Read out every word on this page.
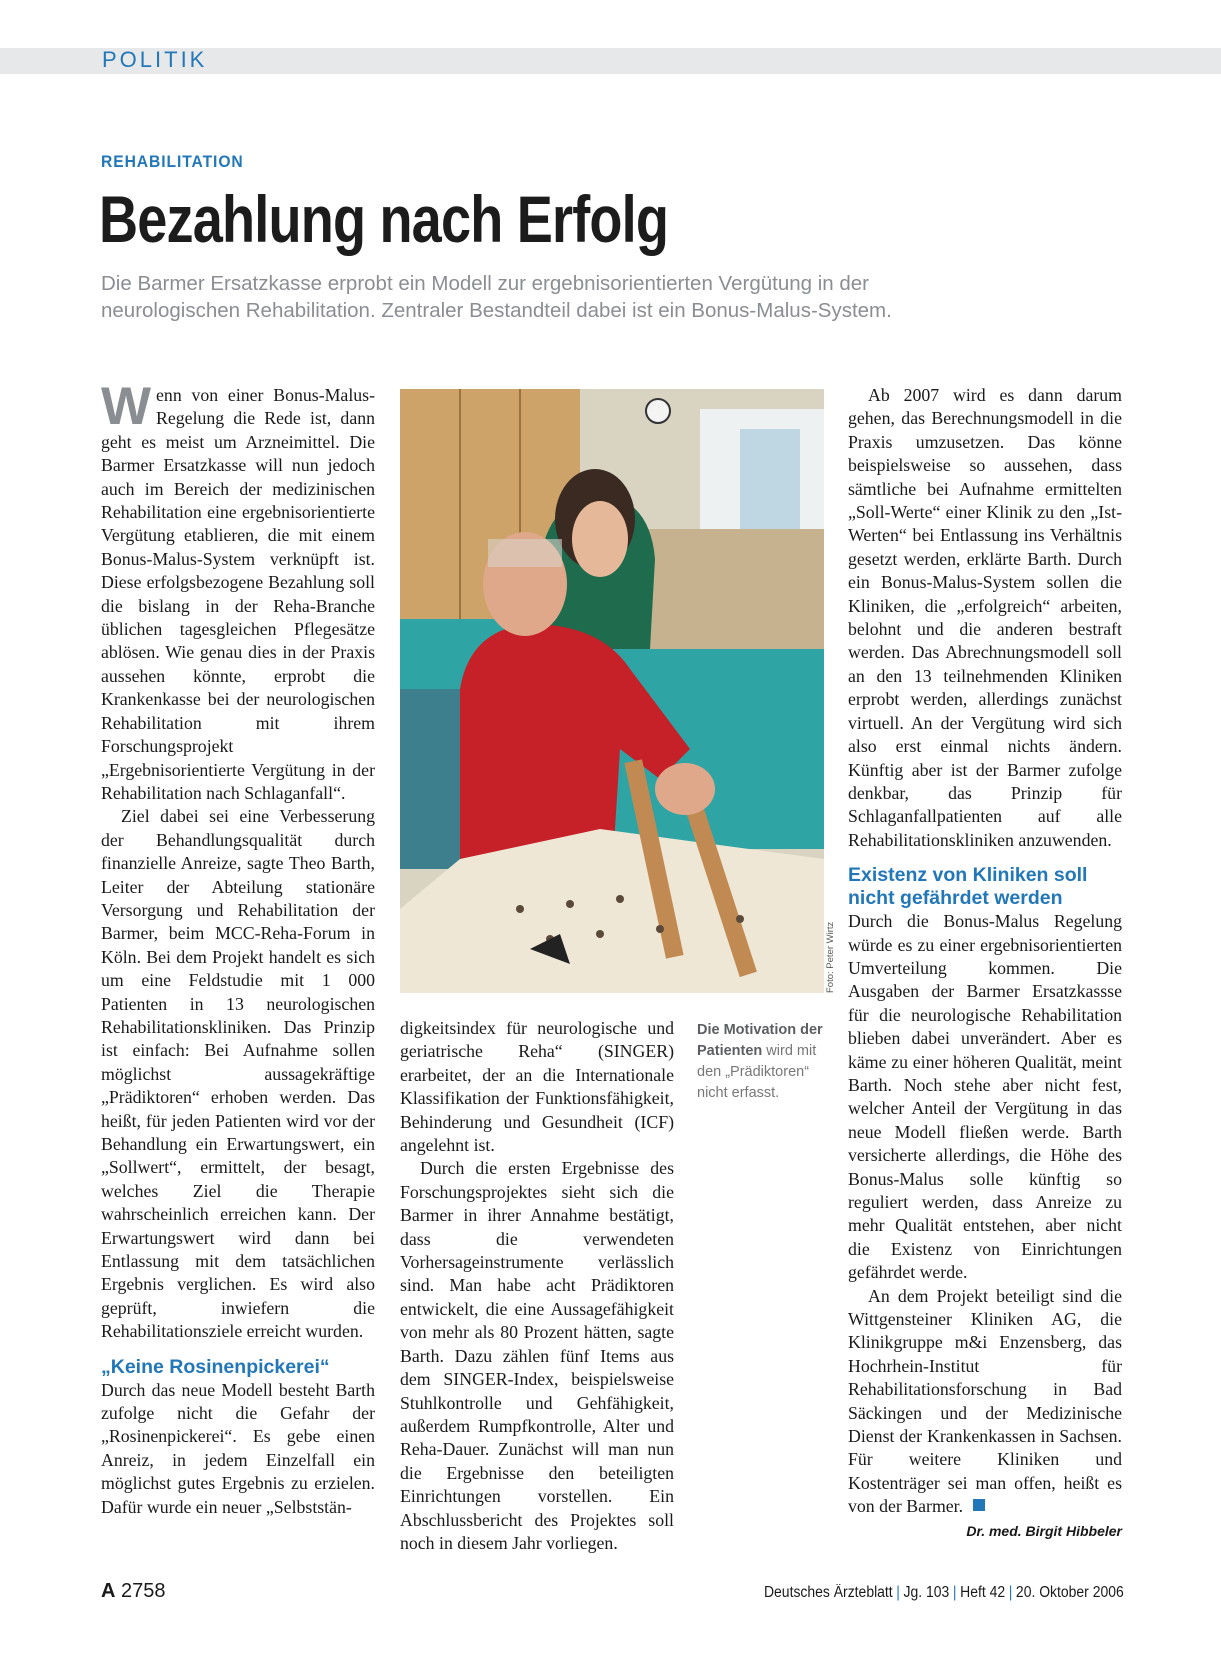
POLITIK
REHABILITATION
Bezahlung nach Erfolg
Die Barmer Ersatzkasse erprobt ein Modell zur ergebnisorientierten Vergütung in der neurologischen Rehabilitation. Zentraler Bestandteil dabei ist ein Bonus-Malus-System.

Wenn von einer Bonus-Malus-Regelung die Rede ist, dann geht es meist um Arzneimittel. Die Barmer Ersatzkasse will nun jedoch auch im Bereich der medizinischen Rehabilitation eine ergebnisorientierte Vergütung etablieren, die mit einem Bonus-Malus-System verknüpft ist. Diese erfolgsbezogene Bezahlung soll die bislang in der Reha-Branche üblichen tagesgleichen Pflegesätze ablösen. Wie genau dies in der Praxis aussehen könnte, erprobt die Krankenkasse bei der neurologischen Rehabilitation mit ihrem Forschungsprojekt „Ergebnisorientierte Vergütung in der Rehabilitation nach Schlaganfall“.

Ziel dabei sei eine Verbesserung der Behandlungsqualität durch finanzielle Anreize, sagte Theo Barth, Leiter der Abteilung stationäre Versorgung und Rehabilitation der Barmer, beim MCC-Reha-Forum in Köln. Bei dem Projekt handelt es sich um eine Feldstudie mit 1 000 Patienten in 13 neurologischen Rehabilitationskliniken. Das Prinzip ist einfach: Bei Aufnahme sollen möglichst aussagekräftige „Prädiktoren“ erhoben werden. Das heißt, für jeden Patienten wird vor der Behandlung ein Erwartungswert, ein „Sollwert“, ermittelt, der besagt, welches Ziel die Therapie wahrscheinlich erreichen kann. Der Erwartungswert wird dann bei Entlassung mit dem tatsächlichen Ergebnis verglichen. Es wird also geprüft, inwiefern die Rehabilitationsziele erreicht wurden.

„Keine Rosinenpickerei“

Durch das neue Modell besteht Barth zufolge nicht die Gefahr der „Rosinenpickerei“. Es gebe einen Anreiz, in jedem Einzelfall ein möglichst gutes Ergebnis zu erzielen. Dafür wurde ein neuer „Selbststän-

Foto: Peter Wirtz
Die Motivation der Patienten wird mit den „Prädiktoren“ nicht erfasst.

digkeitsindex für neurologische und geriatrische Reha“ (SINGER) erarbeitet, der an die Internationale Klassifikation der Funktionsfähigkeit, Behinderung und Gesundheit (ICF) angelehnt ist.

Durch die ersten Ergebnisse des Forschungsprojektes sieht sich die Barmer in ihrer Annahme bestätigt, dass die verwendeten Vorhersageinstrumente verlässlich sind. Man habe acht Prädiktoren entwickelt, die eine Aussagefähigkeit von mehr als 80 Prozent hätten, sagte Barth. Dazu zählen fünf Items aus dem SINGER-Index, beispielsweise Stuhlkontrolle und Gehfähigkeit, außerdem Rumpfkontrolle, Alter und Reha-Dauer. Zunächst will man nun die Ergebnisse den beteiligten Einrichtungen vorstellen. Ein Abschlussbericht des Projektes soll noch in diesem Jahr vorliegen.

Ab 2007 wird es dann darum gehen, das Berechnungsmodell in die Praxis umzusetzen. Das könne beispielsweise so aussehen, dass sämtliche bei Aufnahme ermittelten „Soll-Werte“ einer Klinik zu den „Ist-Werten“ bei Entlassung ins Verhältnis gesetzt werden, erklärte Barth. Durch ein Bonus-Malus-System sollen die Kliniken, die „erfolgreich“ arbeiten, belohnt und die anderen bestraft werden. Das Abrechnungsmodell soll an den 13 teilnehmenden Kliniken erprobt werden, allerdings zunächst virtuell. An der Vergütung wird sich also erst einmal nichts ändern. Künftig aber ist der Barmer zufolge denkbar, das Prinzip für Schlaganfallpatienten auf alle Rehabilitationskliniken anzuwenden.

Existenz von Kliniken soll nicht gefährdet werden

Durch die Bonus-Malus Regelung würde es zu einer ergebnisorientierten Umverteilung kommen. Die Ausgaben der Barmer Ersatzkassse für die neurologische Rehabilitation blieben dabei unverändert. Aber es käme zu einer höheren Qualität, meint Barth. Noch stehe aber nicht fest, welcher Anteil der Vergütung in das neue Modell fließen werde. Barth versicherte allerdings, die Höhe des Bonus-Malus solle künftig so reguliert werden, dass Anreize zu mehr Qualität entstehen, aber nicht die Existenz von Einrichtungen gefährdet werde.

An dem Projekt beteiligt sind die Wittgensteiner Kliniken AG, die Klinikgruppe m&i Enzensberg, das Hochrhein-Institut für Rehabilitationsforschung in Bad Säckingen und der Medizinische Dienst der Krankenkassen in Sachsen. Für weitere Kliniken und Kostenträger sei man offen, heißt es von der Barmer.

Dr. med. Birgit Hibbeler
A 2758	Deutsches Ärzteblatt | Jg. 103 | Heft 42 | 20. Oktober 2006
